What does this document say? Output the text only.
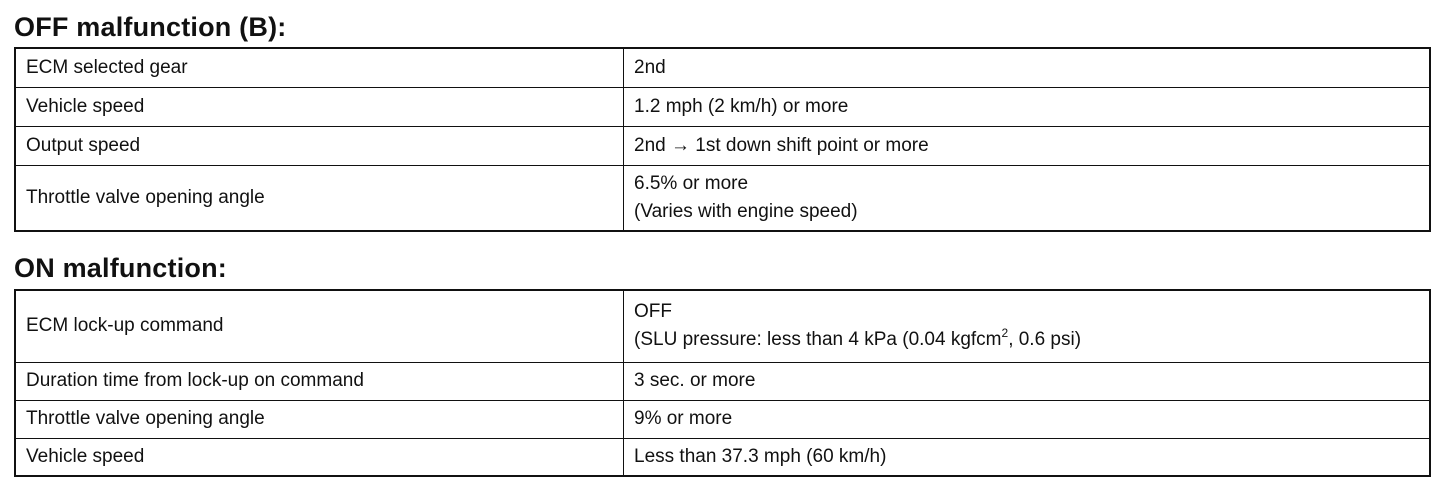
OFF malfunction (B):
ECM selected gear	2nd
Vehicle speed	1.2 mph (2 km/h) or more
Output speed	2nd → 1st down shift point or more
Throttle valve opening angle	6.5% or more
(Varies with engine speed)
ON malfunction:
ECM lock-up command	OFF
(SLU pressure: less than 4 kPa (0.04 kgfcm$^2$, 0.6 psi)

Duration time from lock-up on command	3 sec. or more
Throttle valve opening angle	9% or more
Vehicle speed	Less than 37.3 mph (60 km/h)
